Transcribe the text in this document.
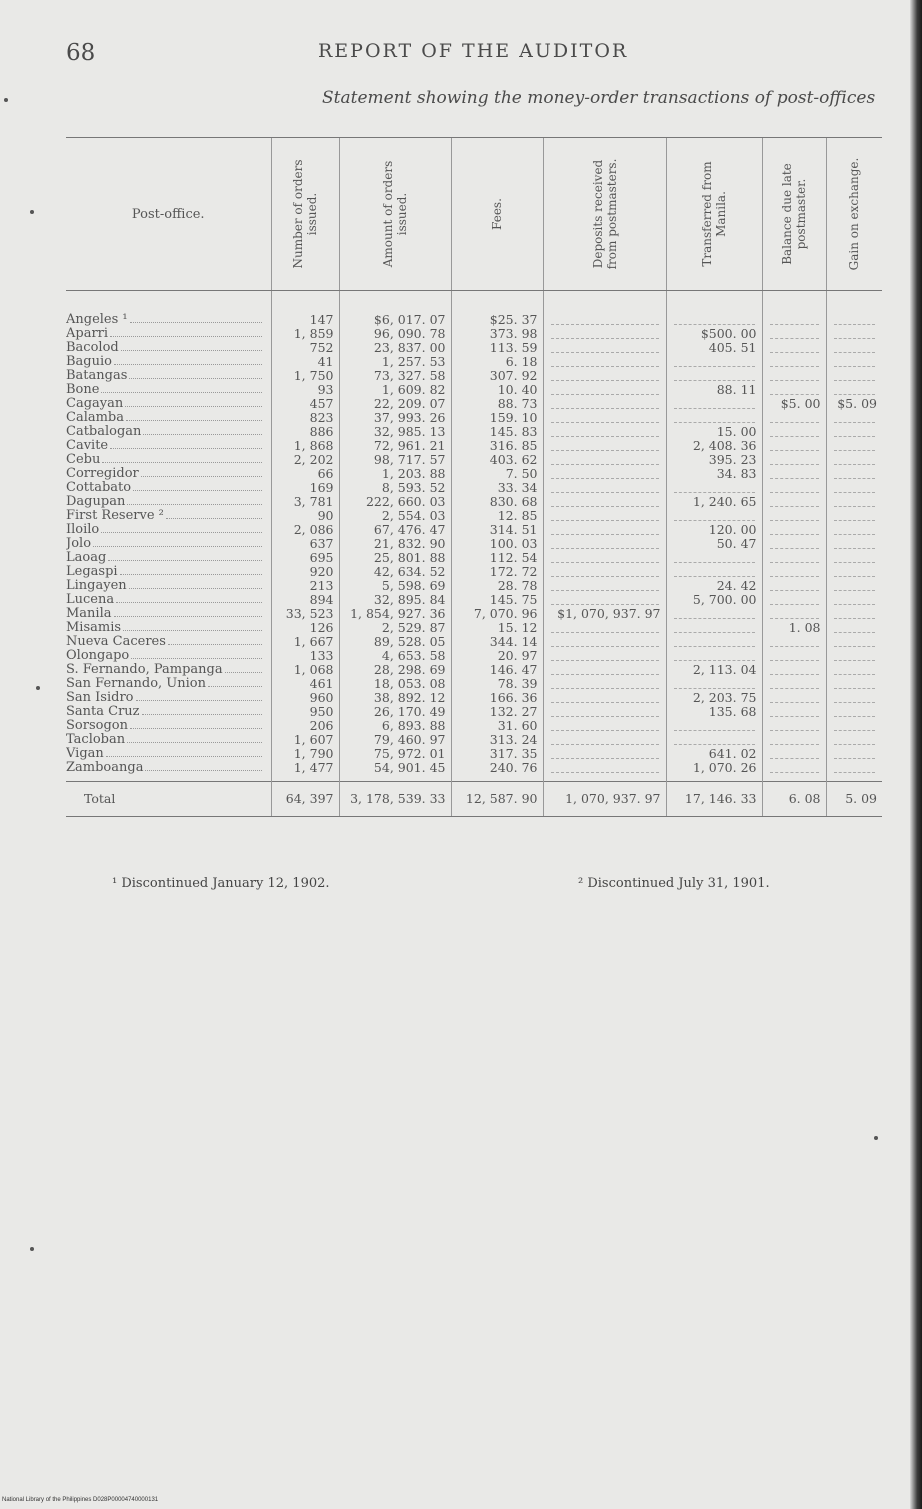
68	REPORT OF THE AUDITOR
Statement showing the money-order transactions of post-offices
Post-office.	Number of orders issued.	Amount of orders issued.	Fees.	Deposits received from postmasters.	Transferred from Manila.	Balance due late postmaster.	Gain on exchange.

Angeles ¹	147	$6, 017. 07	$25. 37	

Aparri	1, 859	96, 090. 78	373. 98		$500. 00	

Bacolod	752	23, 837. 00	113. 59		405. 51	

Baguio	41	1, 257. 53	6. 18	

Batangas	1, 750	73, 327. 58	307. 92	

Bone	93	1, 609. 82	10. 40		88. 11	

Cagayan	457	22, 209. 07	88. 73			$5. 00	$5. 09

Calamba	823	37, 993. 26	159. 10	

Catbalogan	886	32, 985. 13	145. 83		15. 00	

Cavite	1, 868	72, 961. 21	316. 85		2, 408. 36	

Cebu	2, 202	98, 717. 57	403. 62		395. 23	

Corregidor	66	1, 203. 88	7. 50		34. 83	

Cottabato	169	8, 593. 52	33. 34	

Dagupan	3, 781	222, 660. 03	830. 68		1, 240. 65	

First Reserve ²	90	2, 554. 03	12. 85	

Iloilo	2, 086	67, 476. 47	314. 51		120. 00	

Jolo	637	21, 832. 90	100. 03		50. 47	

Laoag	695	25, 801. 88	112. 54	

Legaspi	920	42, 634. 52	172. 72	

Lingayen	213	5, 598. 69	28. 78		24. 42	

Lucena	894	32, 895. 84	145. 75		5, 700. 00	

Manila	33, 523	1, 854, 927. 36	7, 070. 96	$1, 070, 937. 97	

Misamis	126	2, 529. 87	15. 12			1. 08	

Nueva Caceres	1, 667	89, 528. 05	344. 14	

Olongapo	133	4, 653. 58	20. 97	

S. Fernando, Pampanga	1, 068	28, 298. 69	146. 47		2, 113. 04	

San Fernando, Union	461	18, 053. 08	78. 39	

San Isidro	960	38, 892. 12	166. 36		2, 203. 75	

Santa Cruz	950	26, 170. 49	132. 27		135. 68	

Sorsogon	206	6, 893. 88	31. 60	

Tacloban	1, 607	79, 460. 97	313. 24	

Vigan	1, 790	75, 972. 01	317. 35		641. 02	

Zamboanga	1, 477	54, 901. 45	240. 76		1, 070. 26	

Total	64, 397	3, 178, 539. 33	12, 587. 90	1, 070, 937. 97	17, 146. 33	6. 08	5. 09
¹ Discontinued January 12, 1902.	² Discontinued July 31, 1901.
National Library of the Philippines D028P00004740000131
